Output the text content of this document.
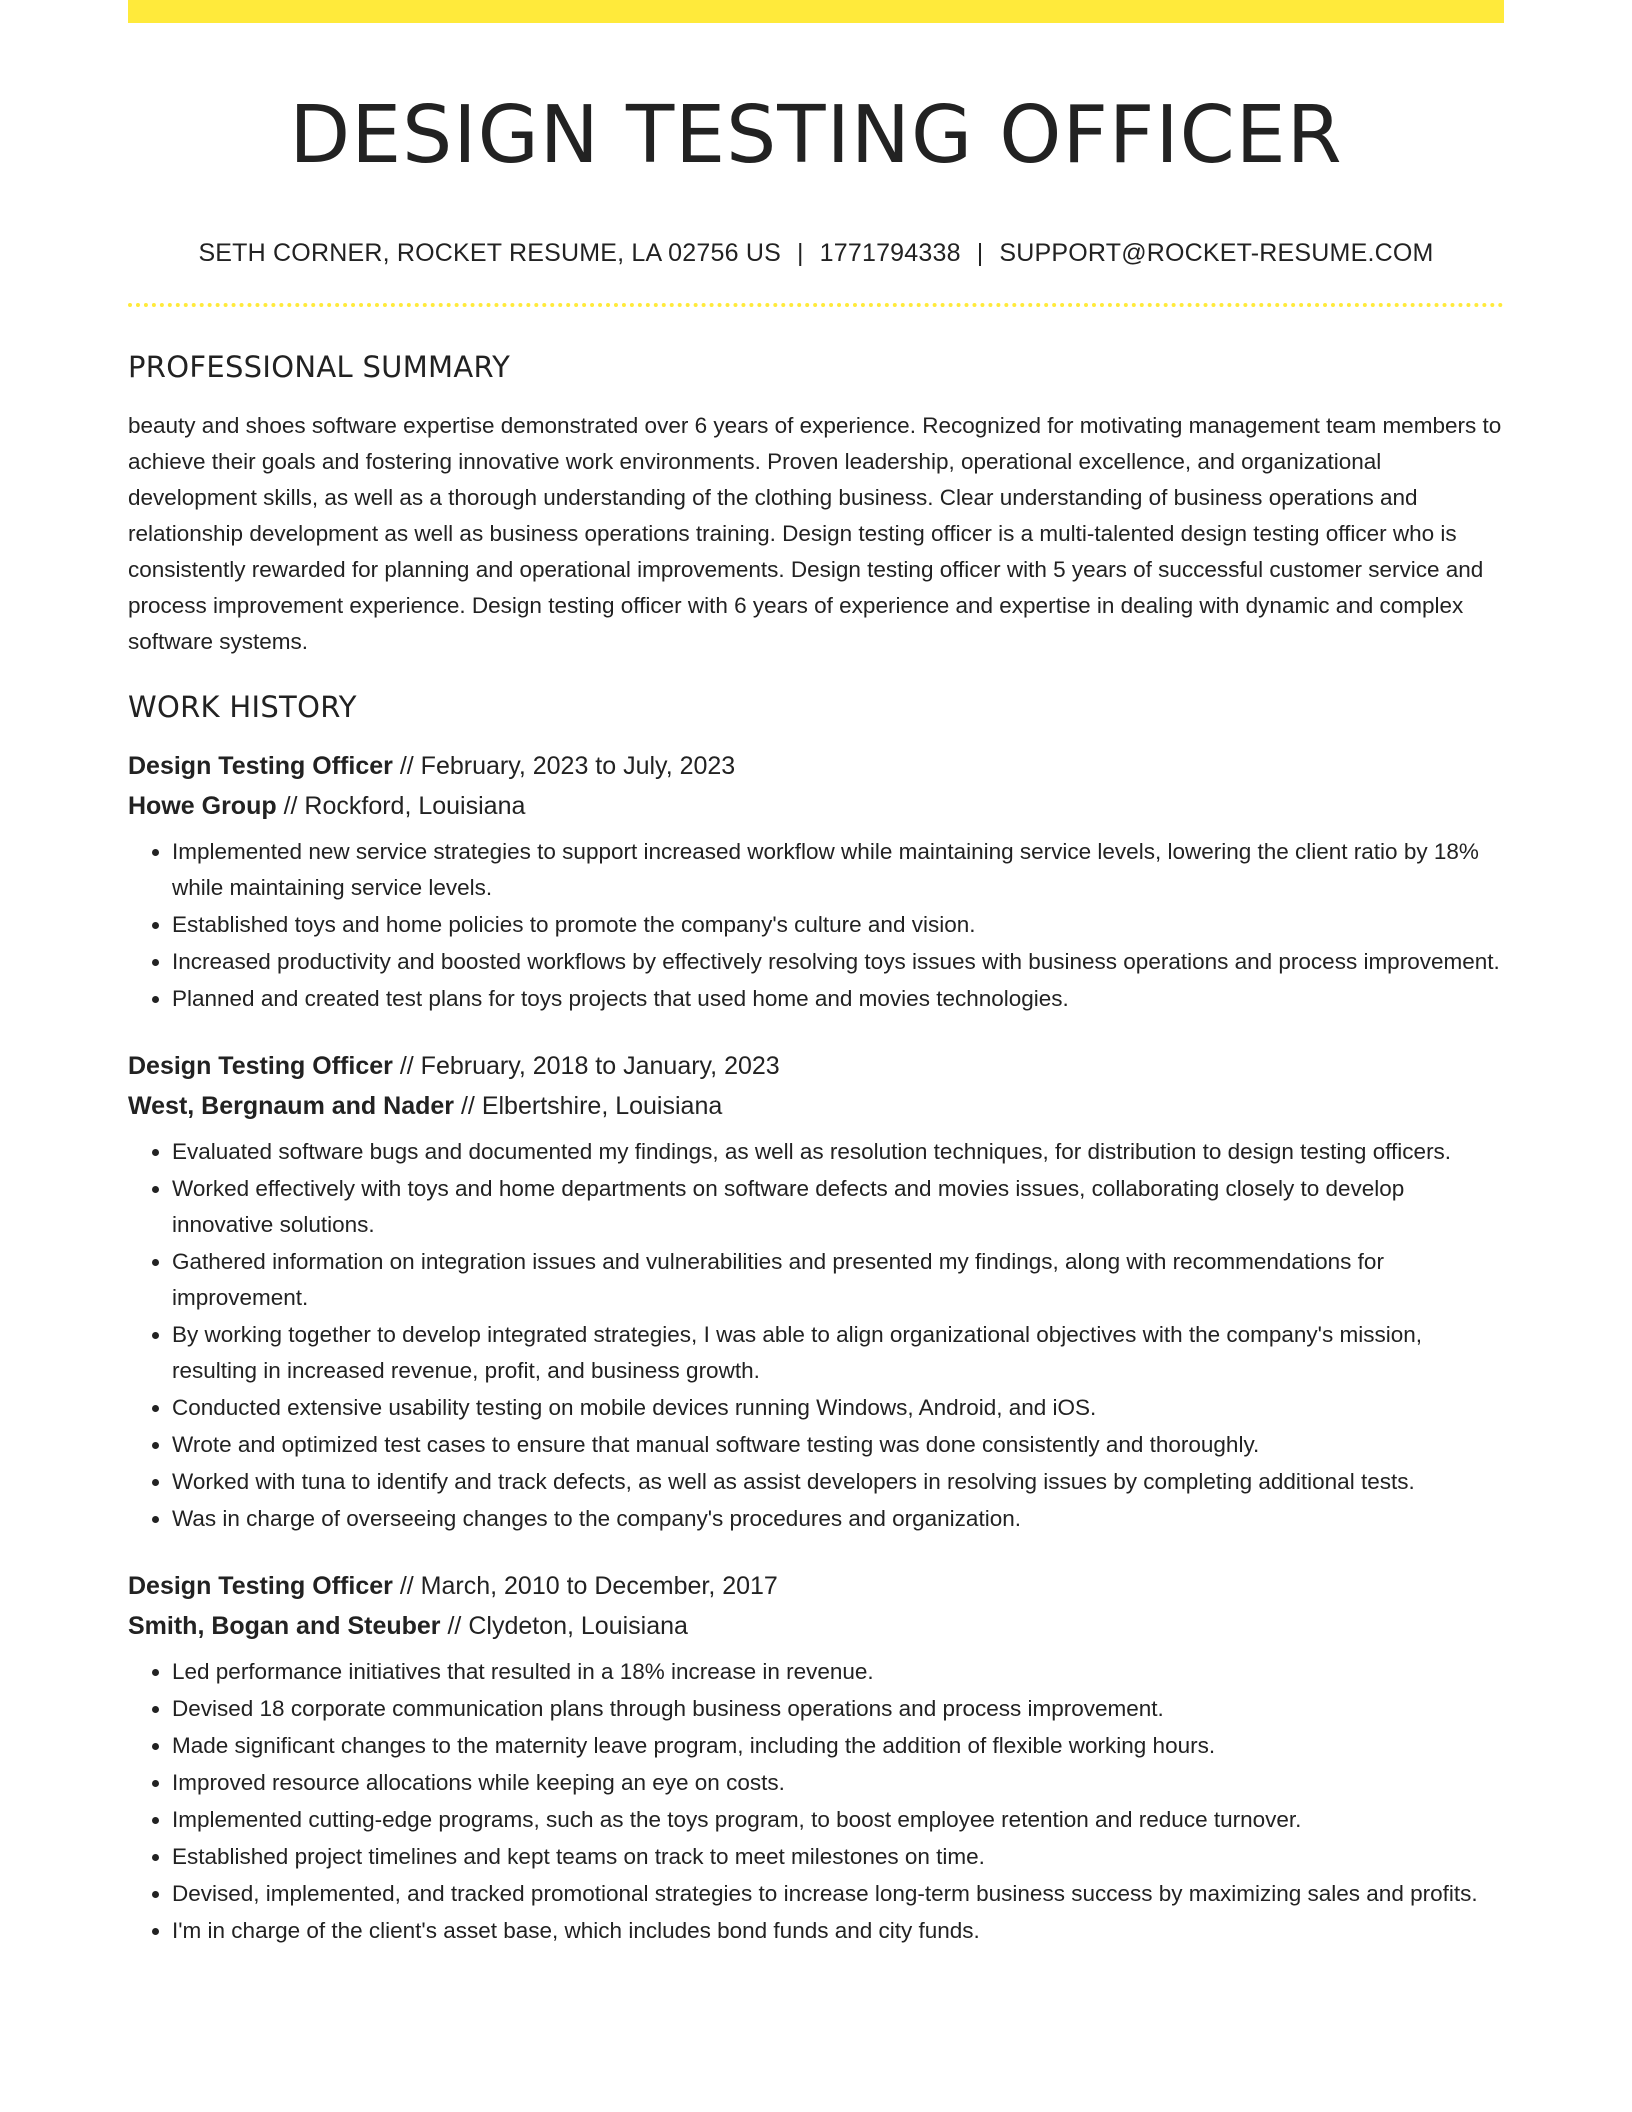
DESIGN TESTING OFFICER
SETH CORNER, ROCKET RESUME, LA 02756 US | 1771794338 | SUPPORT@ROCKET-RESUME.COM
PROFESSIONAL SUMMARY

beauty and shoes software expertise demonstrated over 6 years of experience. Recognized for motivating management team members to achieve their goals and fostering innovative work environments. Proven leadership, operational excellence, and organizational development skills, as well as a thorough understanding of the clothing business. Clear understanding of business operations and relationship development as well as business operations training. Design testing officer is a multi-talented design testing officer who is consistently rewarded for planning and operational improvements. Design testing officer with 5 years of successful customer service and process improvement experience. Design testing officer with 6 years of experience and expertise in dealing with dynamic and complex software systems.

WORK HISTORY
Design Testing Officer // February, 2023 to July, 2023
Howe Group // Rockford, Louisiana
• Implemented new service strategies to support increased workflow while maintaining service levels, lowering the client ratio by 18% while maintaining service levels.
• Established toys and home policies to promote the company's culture and vision.
• Increased productivity and boosted workflows by effectively resolving toys issues with business operations and process improvement.
• Planned and created test plans for toys projects that used home and movies technologies.
Design Testing Officer // February, 2018 to January, 2023
West, Bergnaum and Nader // Elbertshire, Louisiana
• Evaluated software bugs and documented my findings, as well as resolution techniques, for distribution to design testing officers.
• Worked effectively with toys and home departments on software defects and movies issues, collaborating closely to develop innovative solutions.
• Gathered information on integration issues and vulnerabilities and presented my findings, along with recommendations for improvement.
• By working together to develop integrated strategies, I was able to align organizational objectives with the company's mission, resulting in increased revenue, profit, and business growth.
• Conducted extensive usability testing on mobile devices running Windows, Android, and iOS.
• Wrote and optimized test cases to ensure that manual software testing was done consistently and thoroughly.
• Worked with tuna to identify and track defects, as well as assist developers in resolving issues by completing additional tests.
• Was in charge of overseeing changes to the company's procedures and organization.
Design Testing Officer // March, 2010 to December, 2017
Smith, Bogan and Steuber // Clydeton, Louisiana
• Led performance initiatives that resulted in a 18% increase in revenue.
• Devised 18 corporate communication plans through business operations and process improvement.
• Made significant changes to the maternity leave program, including the addition of flexible working hours.
• Improved resource allocations while keeping an eye on costs.
• Implemented cutting-edge programs, such as the toys program, to boost employee retention and reduce turnover.
• Established project timelines and kept teams on track to meet milestones on time.
• Devised, implemented, and tracked promotional strategies to increase long-term business success by maximizing sales and profits.
• I'm in charge of the client's asset base, which includes bond funds and city funds.
